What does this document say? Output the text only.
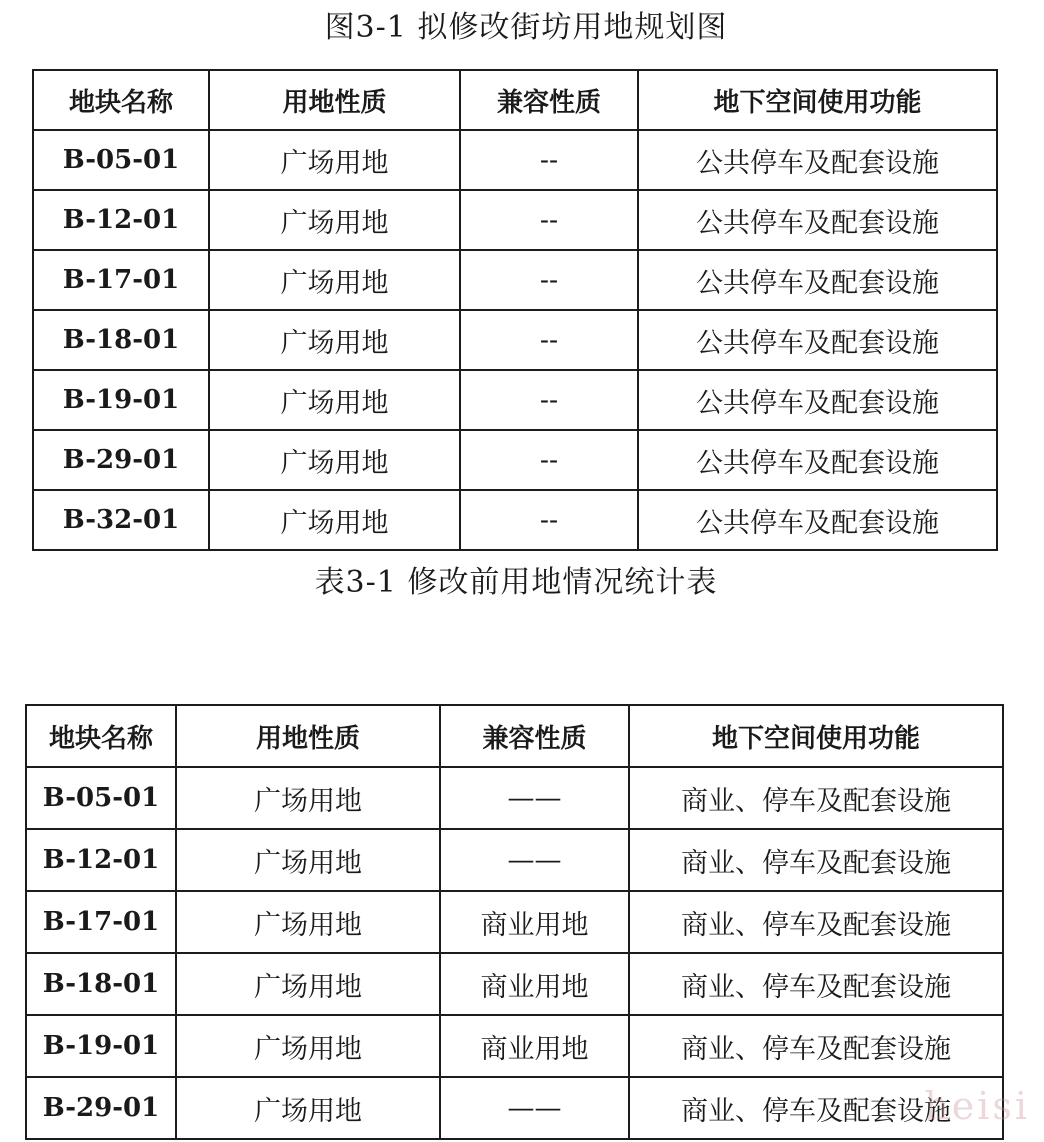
图3-1 拟修改街坊用地规划图
地块名称	用地性质	兼容性质	地下空间使用功能
B-05-01	广场用地	--	公共停车及配套设施
B-12-01	广场用地	--	公共停车及配套设施
B-17-01	广场用地	--	公共停车及配套设施
B-18-01	广场用地	--	公共停车及配套设施
B-19-01	广场用地	--	公共停车及配套设施
B-29-01	广场用地	--	公共停车及配套设施
B-32-01	广场用地	--	公共停车及配套设施
表3-1 修改前用地情况统计表
地块名称	用地性质	兼容性质	地下空间使用功能
B-05-01	广场用地	——	商业、停车及配套设施
B-12-01	广场用地	——	商业、停车及配套设施
B-17-01	广场用地	商业用地	商业、停车及配套设施
B-18-01	广场用地	商业用地	商业、停车及配套设施
B-19-01	广场用地	商业用地	商业、停车及配套设施
B-29-01	广场用地	——	商业、停车及配套设施
heisi
